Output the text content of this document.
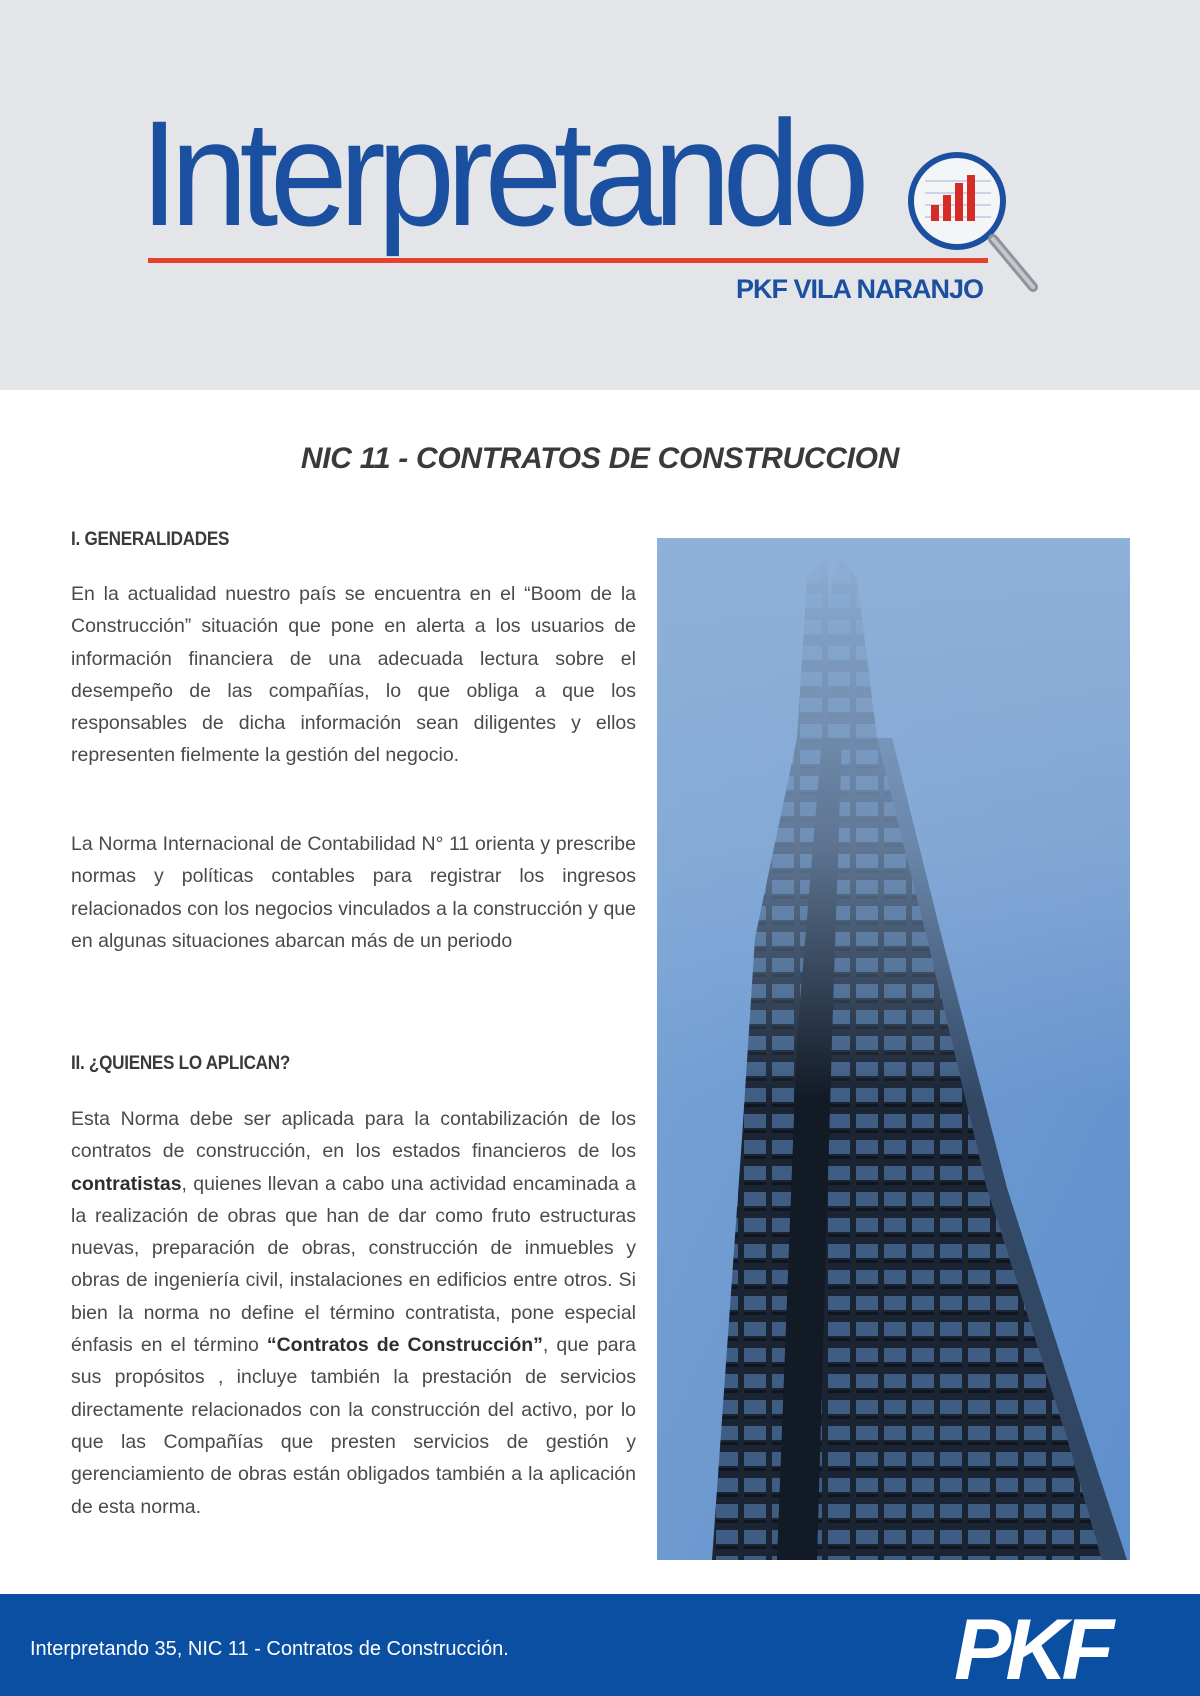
Interpretando
PKF VILA NARANJO
NIC 11 - CONTRATOS DE CONSTRUCCION
I. GENERALIDADES
En la actualidad nuestro país se encuentra en el “Boom de la Construcción” situación que pone en alerta a los usuarios de información financiera de una adecuada lectura sobre el desempeño de las compañías, lo que obliga a que los responsables de dicha información sean diligentes y ellos representen fielmente la gestión del negocio.
La Norma Internacional de Contabilidad N° 11 orienta y prescribe normas y políticas contables para registrar los ingresos relacionados con los negocios vinculados a la construcción y que en algunas situaciones abarcan más de un periodo
II. ¿QUIENES LO APLICAN?
Esta Norma debe ser aplicada para la contabilización de los contratos de construcción, en los estados financieros de los contratistas, quienes llevan a cabo una actividad encaminada a la realización de obras que han de dar como fruto estructuras nuevas, preparación de obras, construcción de inmuebles y obras de ingeniería civil, instalaciones en edificios entre otros. Si bien la norma no define el término contratista, pone especial énfasis en el término “Contratos de Construcción”, que para sus propósitos , incluye también la prestación de servicios directamente relacionados con la construcción del activo, por lo que las Compañías que presten servicios de gestión y gerenciamiento de obras están obligados también a la aplicación de esta norma.
Interpretando 35, NIC 11 - Contratos de Construcción.	PKF
